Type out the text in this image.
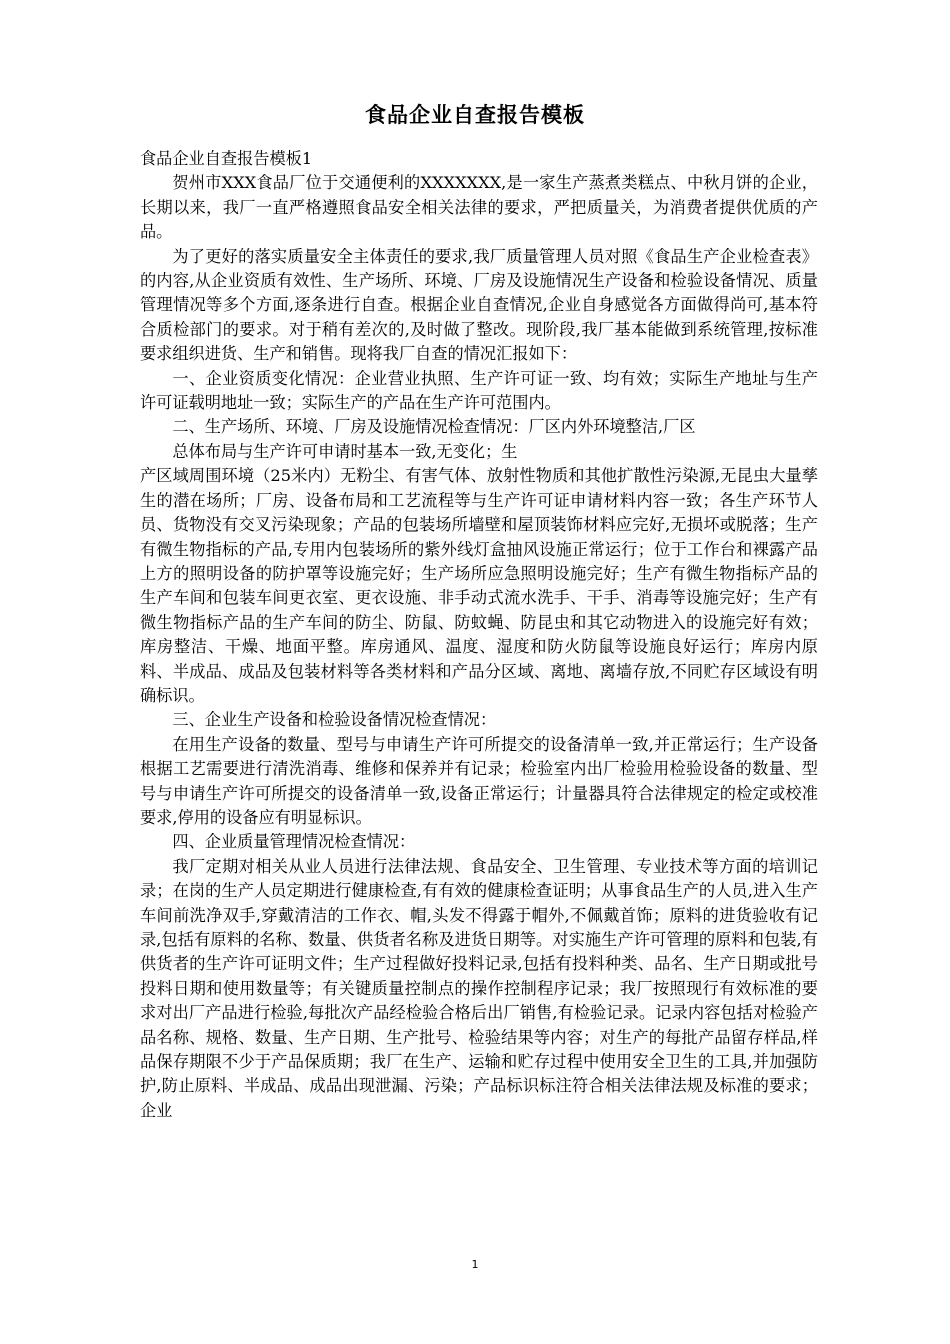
食品企业自查报告模板

食品企业自查报告模板1

贺州市XXX食品厂位于交通便利的XXXXXXX,是一家生产蒸煮类糕点、中秋月饼的企业，长期以来，我厂一直严格遵照食品安全相关法律的要求，严把质量关，为消费者提供优质的产品。

为了更好的落实质量安全主体责任的要求,我厂质量管理人员对照《食品生产企业检查表》的内容,从企业资质有效性、生产场所、环境、厂房及设施情况生产设备和检验设备情况、质量管理情况等多个方面,逐条进行自查。根据企业自查情况,企业自身感觉各方面做得尚可,基本符合质检部门的要求。对于稍有差次的,及时做了整改。现阶段,我厂基本能做到系统管理,按标准要求组织进货、生产和销售。现将我厂自查的情况汇报如下：

一、企业资质变化情况：企业营业执照、生产许可证一致、均有效；实际生产地址与生产许可证载明地址一致；实际生产的产品在生产许可范围内。

二、生产场所、环境、厂房及设施情况检查情况：厂区内外环境整洁,厂区

总体布局与生产许可申请时基本一致,无变化；生

产区域周围环境（25米内）无粉尘、有害气体、放射性物质和其他扩散性污染源,无昆虫大量孳生的潜在场所；厂房、设备布局和工艺流程等与生产许可证申请材料内容一致；各生产环节人员、货物没有交叉污染现象；产品的包装场所墙壁和屋顶装饰材料应完好,无损坏或脱落；生产有微生物指标的产品,专用内包装场所的紫外线灯盒抽风设施正常运行；位于工作台和裸露产品上方的照明设备的防护罩等设施完好；生产场所应急照明设施完好；生产有微生物指标产品的生产车间和包装车间更衣室、更衣设施、非手动式流水洗手、干手、消毒等设施完好；生产有微生物指标产品的生产车间的防尘、防鼠、防蚊蝇、防昆虫和其它动物进入的设施完好有效；库房整洁、干燥、地面平整。库房通风、温度、湿度和防火防鼠等设施良好运行；库房内原料、半成品、成品及包装材料等各类材料和产品分区域、离地、离墙存放,不同贮存区域设有明确标识。

三、企业生产设备和检验设备情况检查情况：

在用生产设备的数量、型号与申请生产许可所提交的设备清单一致,并正常运行；生产设备根据工艺需要进行清洗消毒、维修和保养并有记录；检验室内出厂检验用检验设备的数量、型号与申请生产许可所提交的设备清单一致,设备正常运行；计量器具符合法律规定的检定或校准要求,停用的设备应有明显标识。

四、企业质量管理情况检查情况：

我厂定期对相关从业人员进行法律法规、食品安全、卫生管理、专业技术等方面的培训记录；在岗的生产人员定期进行健康检查,有有效的健康检查证明；从事食品生产的人员,进入生产车间前洗净双手,穿戴清洁的工作衣、帽,头发不得露于帽外,不佩戴首饰；原料的进货验收有记录,包括有原料的名称、数量、供货者名称及进货日期等。对实施生产许可管理的原料和包装,有供货者的生产许可证明文件；生产过程做好投料记录,包括有投料种类、品名、生产日期或批号投料日期和使用数量等；有关键质量控制点的操作控制程序记录；我厂按照现行有效标准的要求对出厂产品进行检验,每批次产品经检验合格后出厂销售,有检验记录。记录内容包括对检验产品名称、规格、数量、生产日期、生产批号、检验结果等内容；对生产的每批产品留存样品,样品保存期限不少于产品保质期；我厂在生产、运输和贮存过程中使用安全卫生的工具,并加强防护,防止原料、半成品、成品出现泄漏、污染；产品标识标注符合相关法律法规及标准的要求；企业

1
